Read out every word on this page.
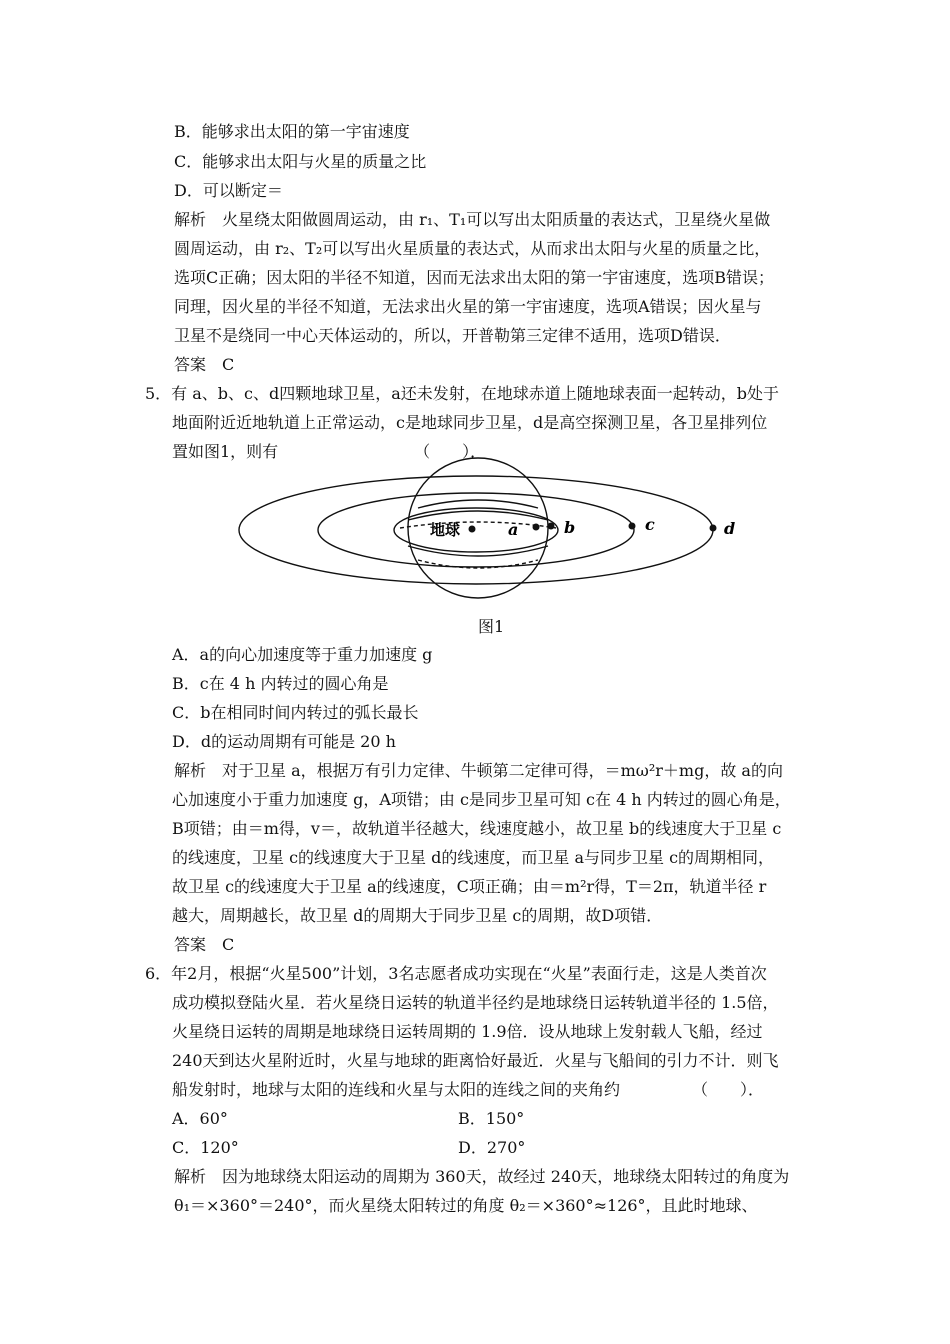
B．能够求出太阳的第一宇宙速度
C．能够求出太阳与火星的质量之比
D．可以断定＝
解析　火星绕太阳做圆周运动，由 r₁、T₁可以写出太阳质量的表达式，卫星绕火星做
圆周运动，由 r₂、T₂可以写出火星质量的表达式，从而求出太阳与火星的质量之比，
选项C正确；因太阳的半径不知道，因而无法求出太阳的第一宇宙速度，选项B错误；
同理，因火星的半径不知道，无法求出火星的第一宇宙速度，选项A错误；因火星与
卫星不是绕同一中心天体运动的，所以，开普勒第三定律不适用，选项D错误．
答案　C
5．有 a、b、c、d四颗地球卫星，a还未发射，在地球赤道上随地球表面一起转动，b处于
地面附近近地轨道上正常运动，c是地球同步卫星，d是高空探测卫星，各卫星排列位
置如图1，则有　　　　　　　　　（　　）．
地球	a	b	c	d
图1
A．a的向心加速度等于重力加速度 g
B．c在 4 h 内转过的圆心角是
C．b在相同时间内转过的弧长最长
D．d的运动周期有可能是 20 h
解析　对于卫星 a，根据万有引力定律、牛顿第二定律可得，＝mω²r＋mg，故 a的向
心加速度小于重力加速度 g，A项错；由 c是同步卫星可知 c在 4 h 内转过的圆心角是，
B项错；由＝m得，v＝，故轨道半径越大，线速度越小，故卫星 b的线速度大于卫星 c
的线速度，卫星 c的线速度大于卫星 d的线速度，而卫星 a与同步卫星 c的周期相同，
故卫星 c的线速度大于卫星 a的线速度，C项正确；由＝m²r得，T＝2π，轨道半径 r
越大，周期越长，故卫星 d的周期大于同步卫星 c的周期，故D项错．
答案　C
6．年2月，根据“火星500”计划，3名志愿者成功实现在“火星”表面行走，这是人类首次
成功模拟登陆火星．若火星绕日运转的轨道半径约是地球绕日运转轨道半径的 1.5倍，
火星绕日运转的周期是地球绕日运转周期的 1.9倍．设从地球上发射载人飞船，经过
240天到达火星附近时，火星与地球的距离恰好最近．火星与飞船间的引力不计．则飞
船发射时，地球与太阳的连线和火星与太阳的连线之间的夹角约　　　　　（　　）．
A．60°	B．150°
C．120°	D．270°
解析　因为地球绕太阳运动的周期为 360天，故经过 240天，地球绕太阳转过的角度为
θ₁＝×360°＝240°，而火星绕太阳转过的角度 θ₂＝×360°≈126°，且此时地球、
